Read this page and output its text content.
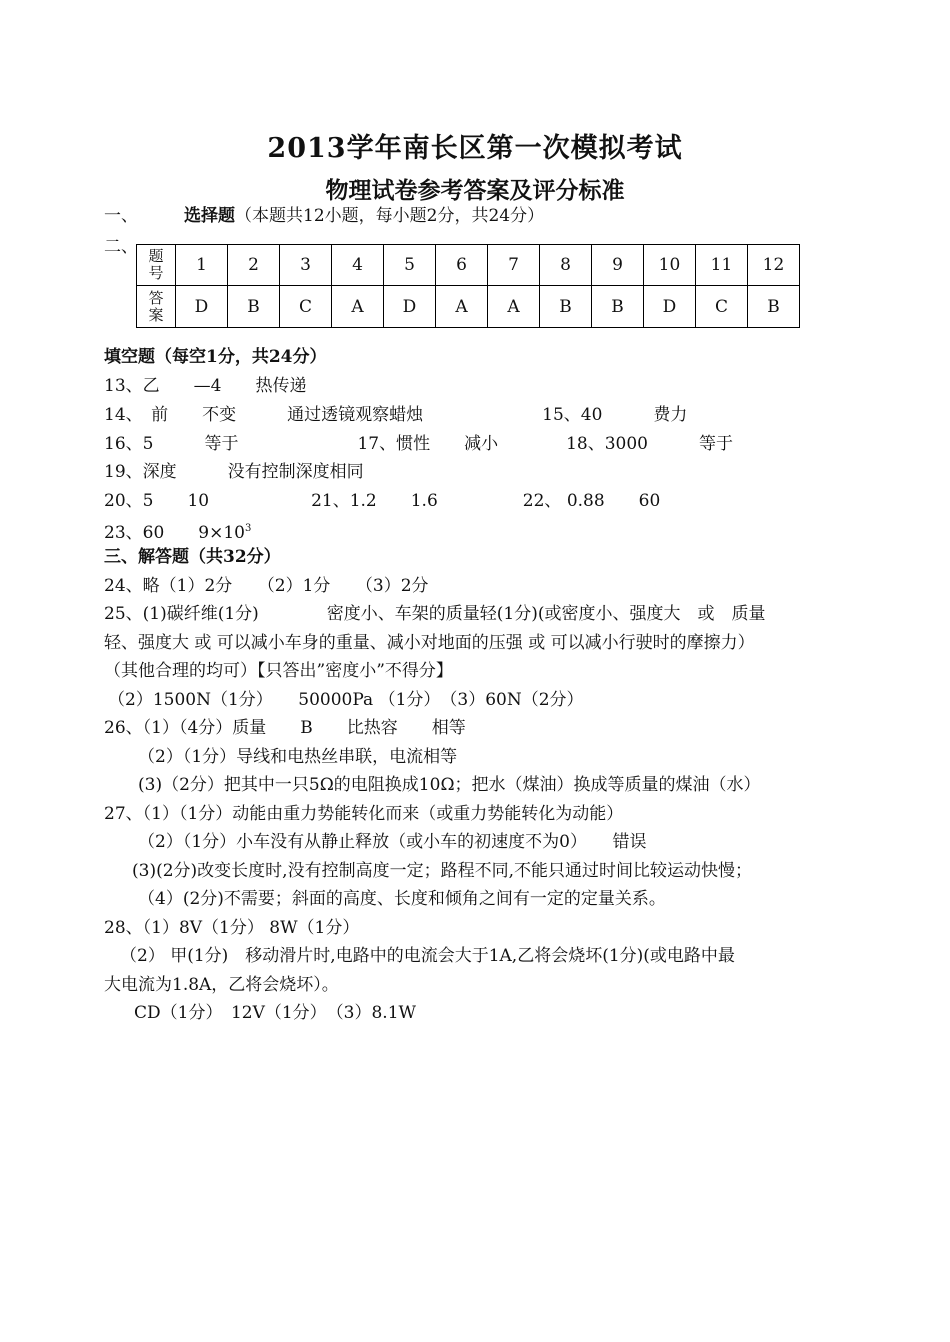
2013学年南长区第一次模拟考试
物理试卷参考答案及评分标准
一、	选择题（本题共12小题，每小题2分，共24分）
二、 题
号	1	2	3	4	5	6	7	8	9	10	11	12

答
案	D	B	C	A	D	A	A	B	B	D	C	B
填空题（每空1分，共24分）
13、乙　　—4　　热传递
14、　前　　不变　　　通过透镜观察蜡烛　　　　　　　15、40　　　费力
16、5　　　等于　　　　　　　17、惯性　　减小　　　　18、3000　　　等于
19、深度　　　没有控制深度相同
20、5　　10　　　　　　21、1.2　　1.6　　　　　22、 0.88　　60
23、60　　$9\times 10^3$
三、解答题（共32分）
24、略（1）2分　　（2）1分　　（3）2分
25、(1)碳纤维(1分)　　　　密度小、车架的质量轻(1分)(或密度小、强度大　或　质量
轻、强度大 或 可以减小车身的重量、减小对地面的压强 或 可以减小行驶时的摩擦力）
（其他合理的均可）【只答出”密度小”不得分】
（2）1500N（1分）　　50000Pa （1分）　（3）60N（2分）
26、（1）（4分）质量　　B　　比热容　　相等
（2）（1分）导线和电热丝串联，电流相等
(3)（2分）把其中一只5Ω的电阻换成10Ω；把水（煤油）换成等质量的煤油（水）
27、（1）（1分）动能由重力势能转化而来（或重力势能转化为动能）
（2）（1分）小车没有从静止释放（或小车的初速度不为0）　　错误
(3)(2分)改变长度时,没有控制高度一定；路程不同,不能只通过时间比较运动快慢；
（4）(2分)不需要；斜面的高度、长度和倾角之间有一定的定量关系。
28、（1）8V（1分） 8W（1分）
（2） 甲(1分)　移动滑片时,电路中的电流会大于1A,乙将会烧坏(1分)(或电路中最
大电流为1.8A，乙将会烧坏）。
CD（1分）　12V（1分）　（3）8.1W
